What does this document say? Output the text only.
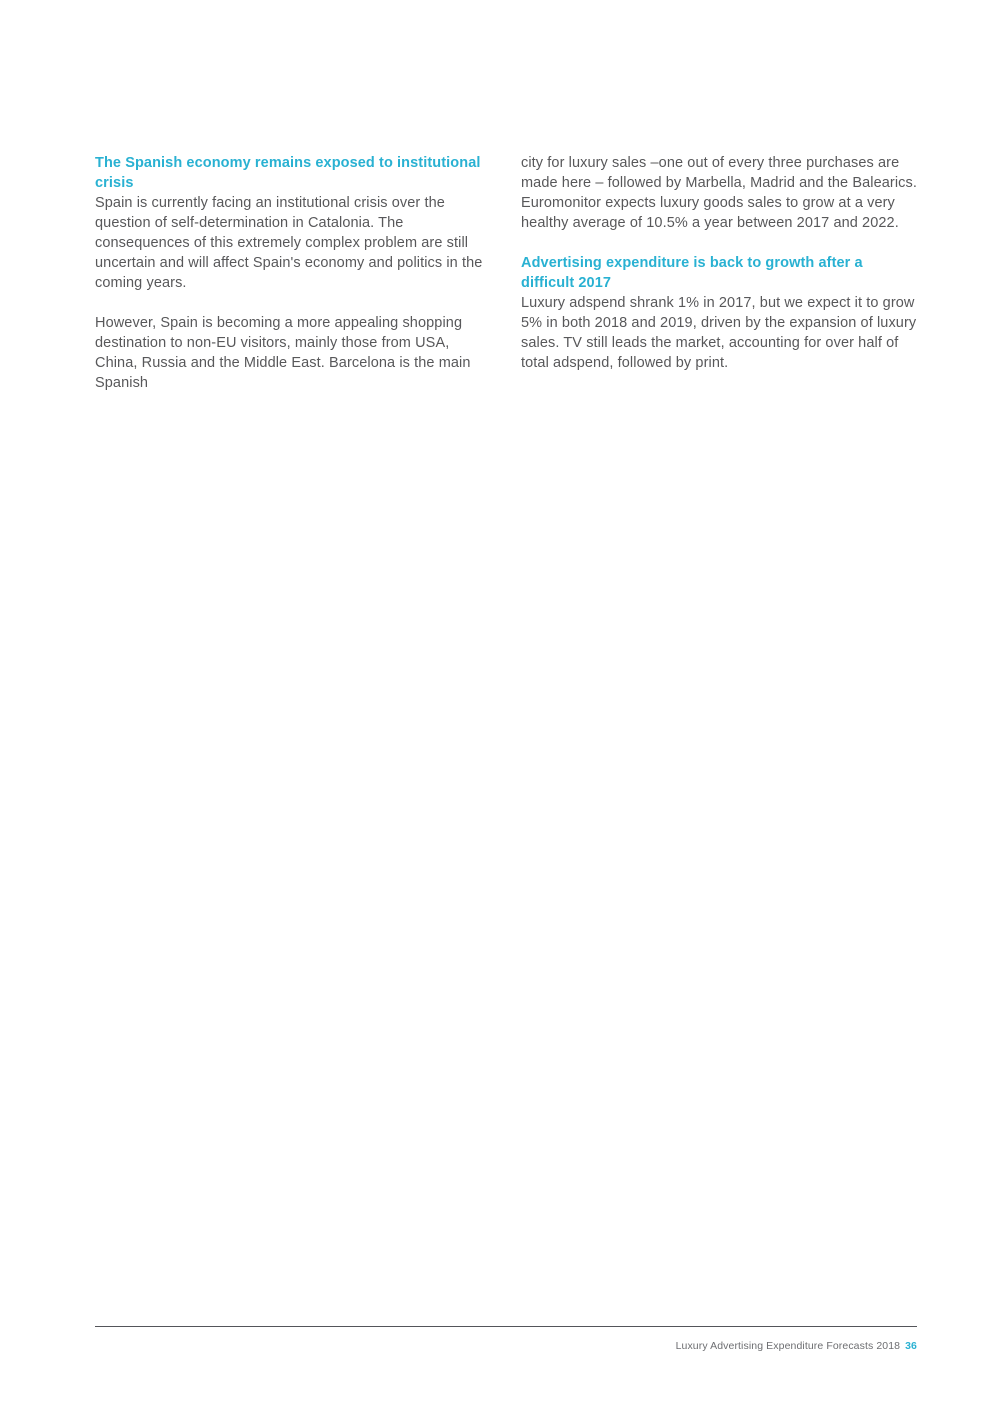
The Spanish economy remains exposed to institutional crisis

Spain is currently facing an institutional crisis over the question of self-determination in Catalonia. The consequences of this extremely complex problem are still uncertain and will affect Spain's economy and politics in the coming years.

However, Spain is becoming a more appealing shopping destination to non-EU visitors, mainly those from USA, China, Russia and the Middle East. Barcelona is the main Spanish

city for luxury sales –one out of every three purchases are made here – followed by Marbella, Madrid and the Balearics. Euromonitor expects luxury goods sales to grow at a very healthy average of 10.5% a year between 2017 and 2022.

Advertising expenditure is back to growth after a difficult 2017

Luxury adspend shrank 1% in 2017, but we expect it to grow 5% in both 2018 and 2019, driven by the expansion of luxury sales. TV still leads the market, accounting for over half of total adspend, followed by print.

Luxury Advertising Expenditure Forecasts 2018 36
